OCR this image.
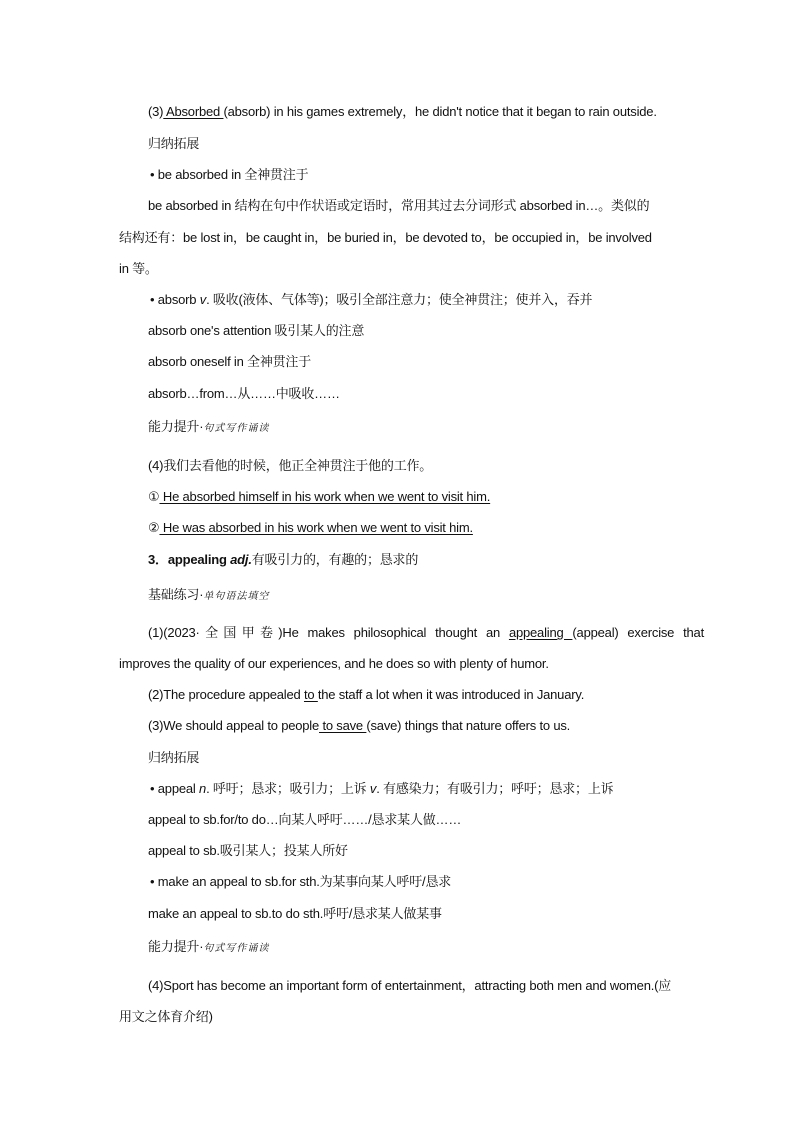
(3) Absorbed (absorb) in his games extremely，he didn't notice that it began to rain outside.
归纳拓展
• be absorbed in 全神贯注于
be absorbed in 结构在句中作状语或定语时，常用其过去分词形式 absorbed in…。类似的
结构还有：be lost in，be caught in，be buried in，be devoted to，be occupied in，be involved
in 等。
• absorb v. 吸收(液体、气体等)；吸引全部注意力；使全神贯注；使并入，吞并
absorb one's attention 吸引某人的注意
absorb oneself in 全神贯注于
absorb…from…从……中吸收……
能力提升·句式写作诵读
(4)我们去看他的时候，他正全神贯注于他的工作。
① He absorbed himself in his work when we went to visit him.
② He was absorbed in his work when we went to visit him.
3．appealing adj.有吸引力的，有趣的；恳求的
基础练习·单句语法填空
(1)(2023·全国甲卷)He makes philosophical thought an appealing (appeal) exercise that
improves the quality of our experiences, and he does so with plenty of humor.
(2)The procedure appealed to the staff a lot when it was introduced in January.
(3)We should appeal to people to save (save) things that nature offers to us.
归纳拓展
• appeal n. 呼吁；恳求；吸引力；上诉 v. 有感染力；有吸引力；呼吁；恳求；上诉
appeal to sb.for/to do…向某人呼吁……/恳求某人做……
appeal to sb.吸引某人；投某人所好
• make an appeal to sb.for sth.为某事向某人呼吁/恳求
make an appeal to sb.to do sth.呼吁/恳求某人做某事
能力提升·句式写作诵读
(4)Sport has become an important form of entertainment，attracting both men and women.(应
用文之体育介绍)
